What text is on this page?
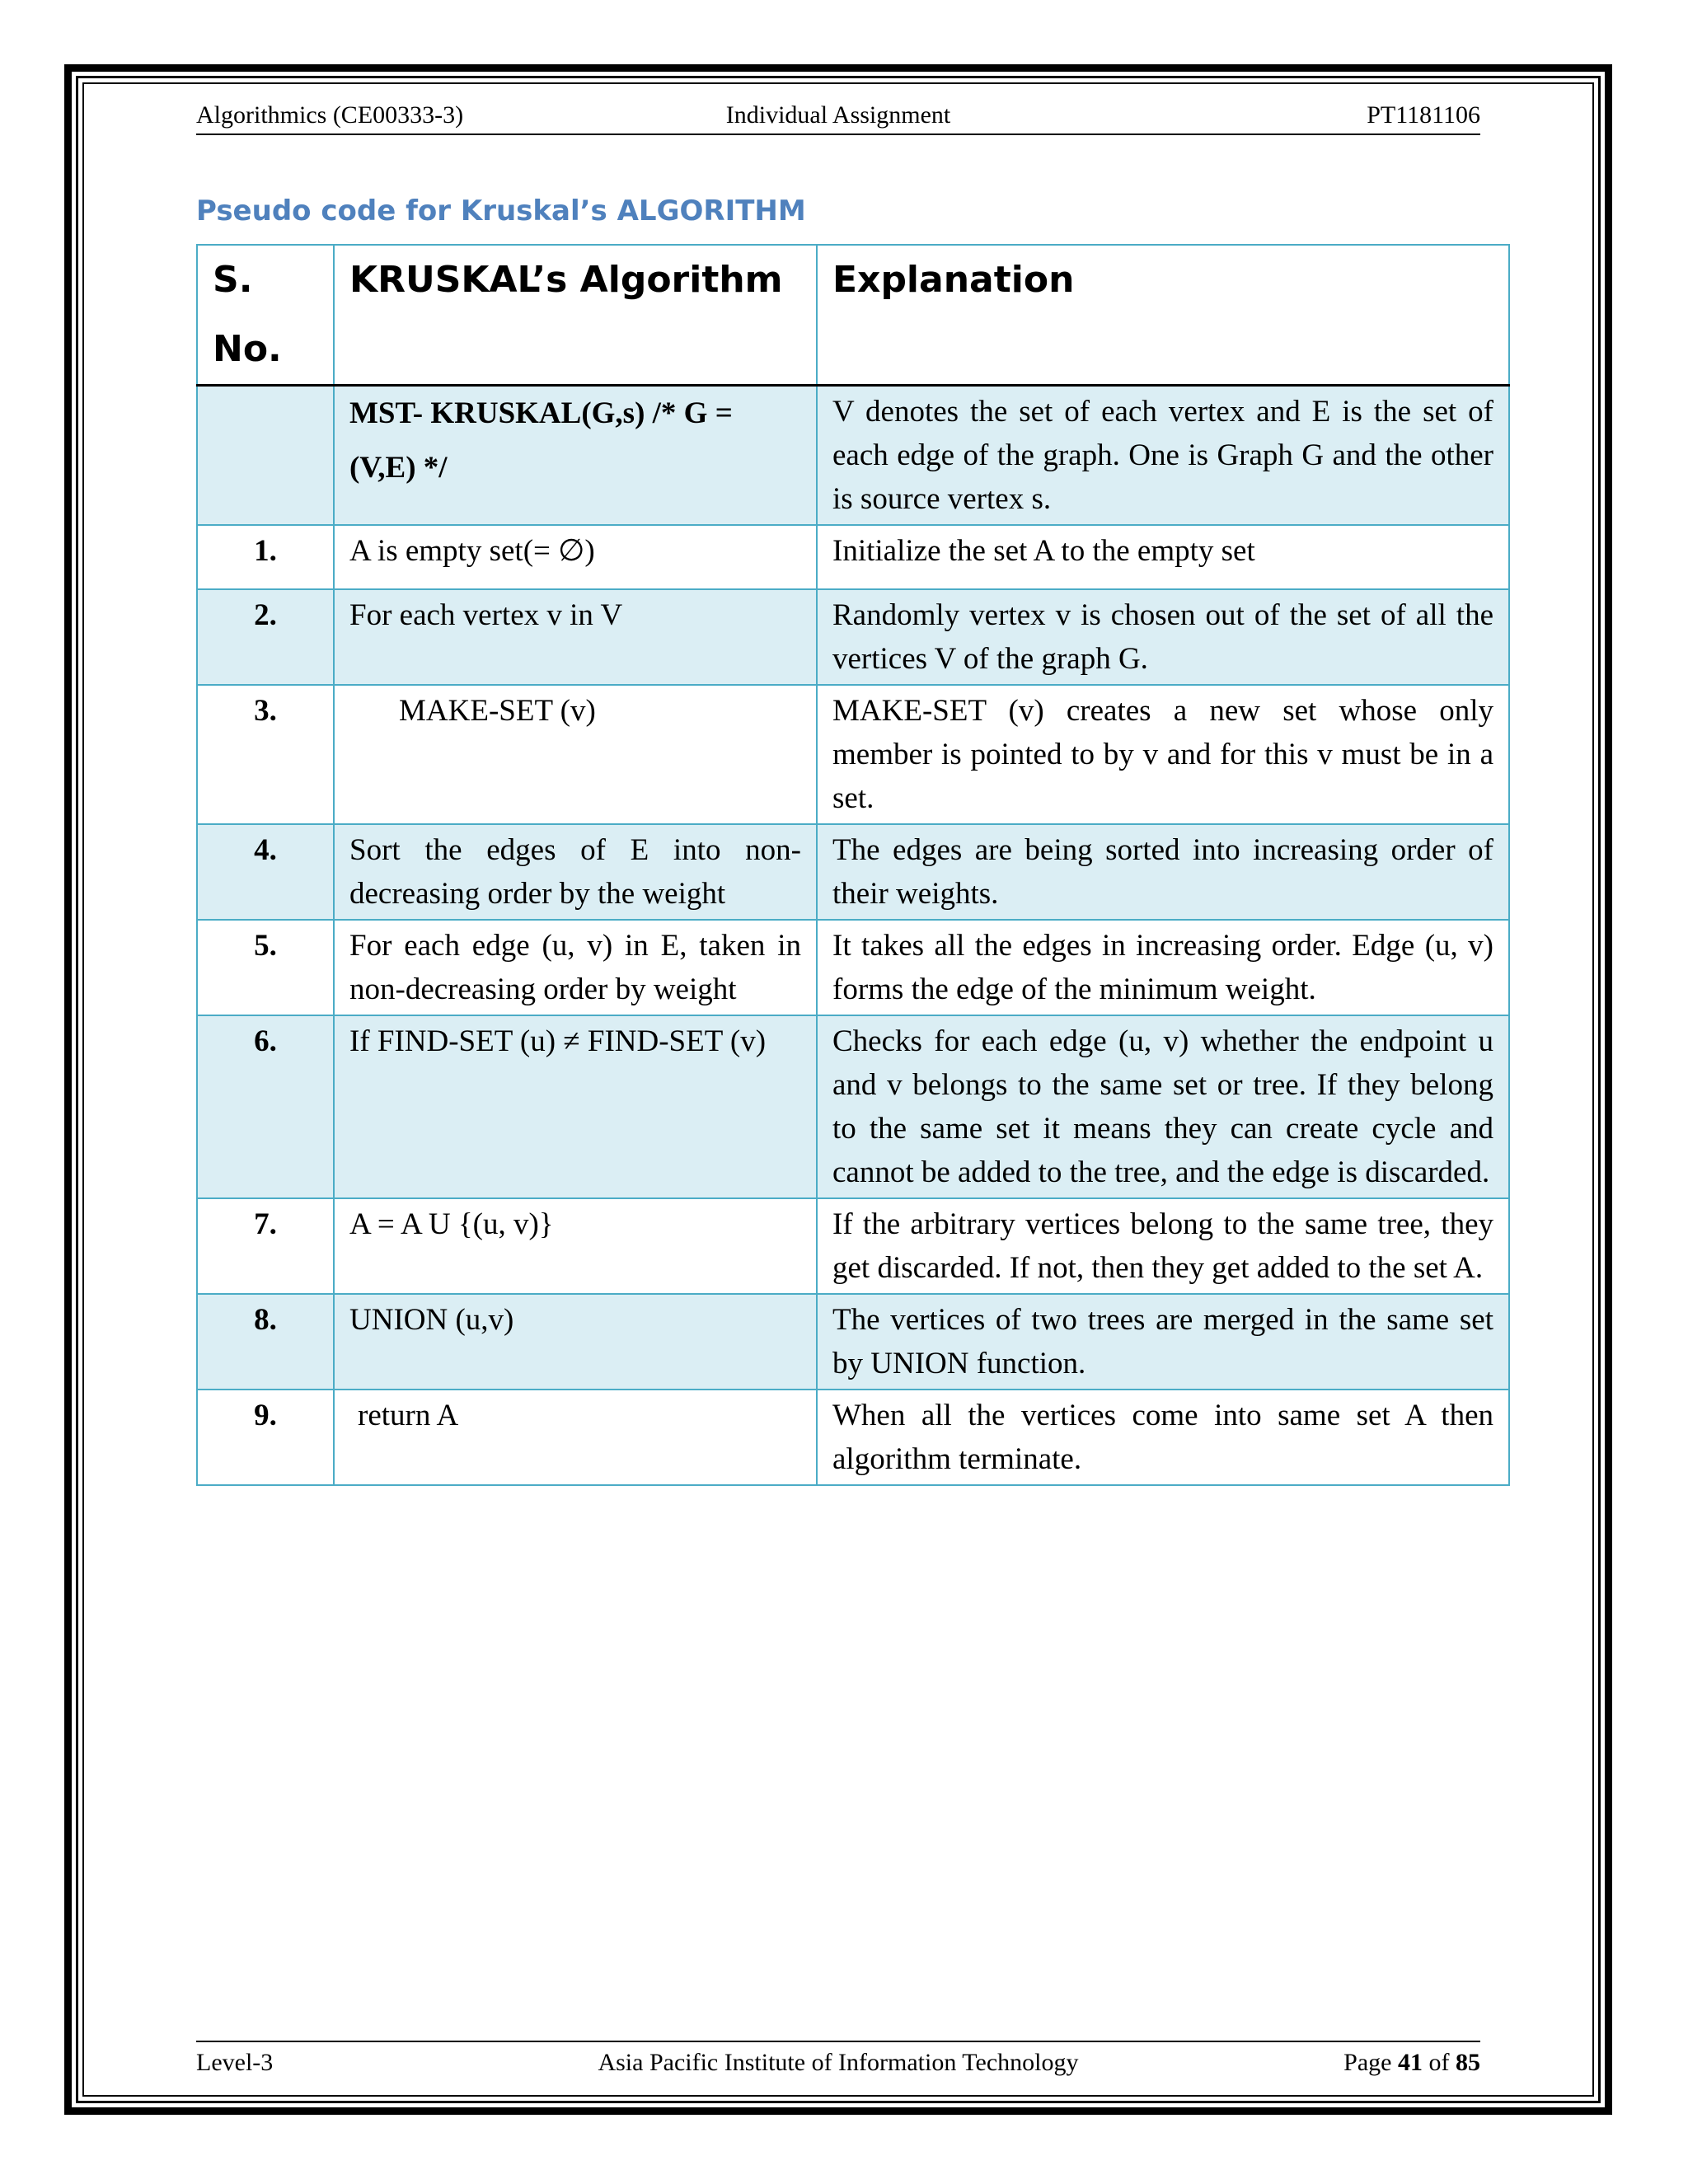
Algorithmics (CE00333-3)	Individual Assignment	PT1181106
Pseudo code for Kruskal’s ALGORITHM
S. No.	KRUSKAL’s Algorithm	Explanation
	MST- KRUSKAL(G,s) /* G = (V,E) */	V denotes the set of each vertex and E is the set of each edge of the graph. One is Graph G and the other is source vertex s.
1.	A is empty set(= ∅)	Initialize the set A to the empty set
2.	For each vertex v in V	Randomly vertex v is chosen out of the set of all the vertices V of the graph G.
3.	MAKE-SET (v)	MAKE-SET (v) creates a new set whose only member is pointed to by v and for this v must be in a set.
4.	Sort the edges of E into non-decreasing order by the weight	The edges are being sorted into increasing order of their weights.
5.	For each edge (u, v) in E, taken in non-decreasing order by weight	It takes all the edges in increasing order. Edge (u, v) forms the edge of the minimum weight.
6.	If FIND-SET (u) ≠ FIND-SET (v)	Checks for each edge (u, v) whether the endpoint u and v belongs to the same set or tree. If they belong to the same set it means they can create cycle and cannot be added to the tree, and the edge is discarded.
7.	A = A U {(u, v)}	If the arbitrary vertices belong to the same tree, they get discarded. If not, then they get added to the set A.
8.	UNION (u,v)	The vertices of two trees are merged in the same set by UNION function.
9.	return A	When all the vertices come into same set A then algorithm terminate.
Level-3	Asia Pacific Institute of Information Technology	Page 41 of 85
